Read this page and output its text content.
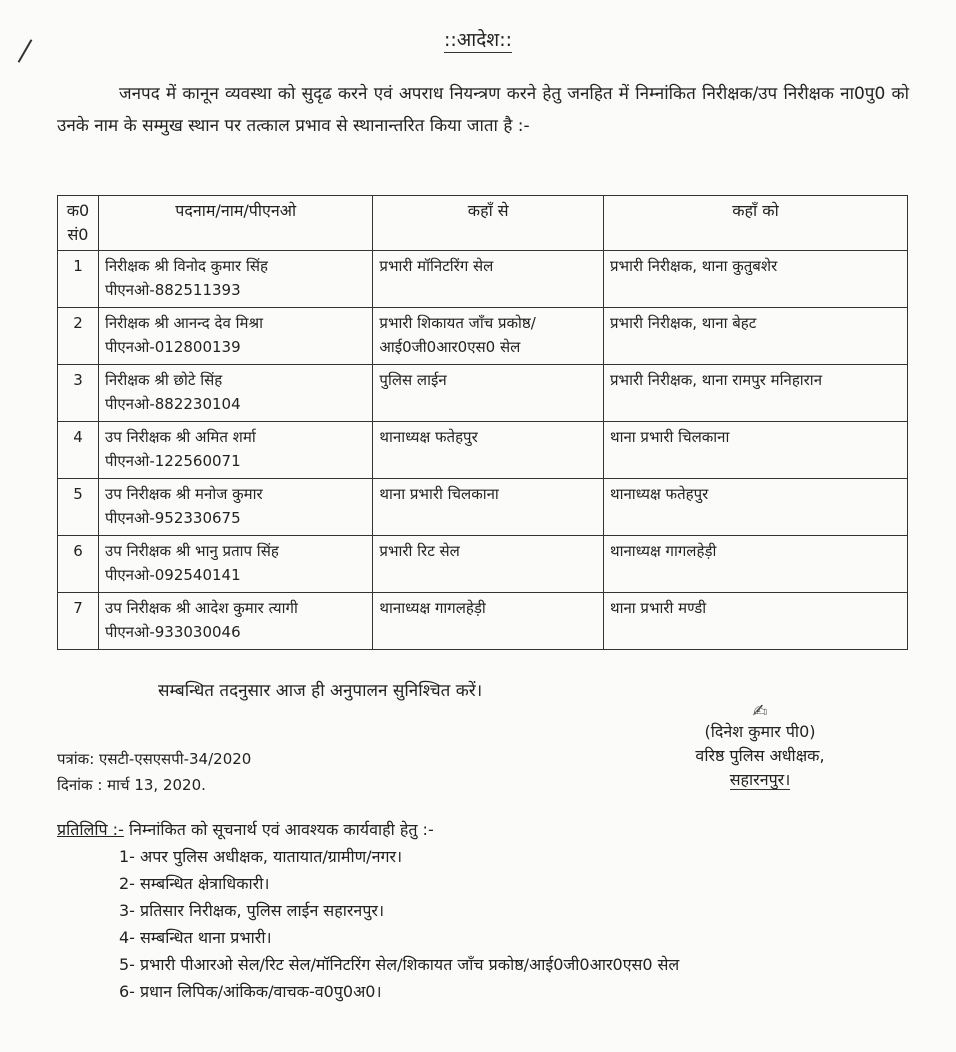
::आदेश::
जनपद में कानून व्यवस्था को सुदृढ करने एवं अपराध नियन्त्रण करने हेतु जनहित में निम्नांकित निरीक्षक/उप निरीक्षक ना0पु0 को उनके नाम के सम्मुख स्थान पर तत्काल प्रभाव से स्थानान्तरित किया जाता है :-
क0 सं0	पदनाम/नाम/पीएनओ	कहाँ से	कहाँ को
1	निरीक्षक श्री विनोद कुमार सिंह
पीएनओ-882511393	प्रभारी मॉनिटरिंग सेल	प्रभारी निरीक्षक, थाना कुतुबशेर
2	निरीक्षक श्री आनन्द देव मिश्रा
पीएनओ-012800139	प्रभारी शिकायत जाँच प्रकोष्ठ/ आई0जी0आर0एस0 सेल	प्रभारी निरीक्षक, थाना बेहट
3	निरीक्षक श्री छोटे सिंह
पीएनओ-882230104	पुलिस लाईन	प्रभारी निरीक्षक, थाना रामपुर मनिहारान
4	उप निरीक्षक श्री अमित शर्मा
पीएनओ-122560071	थानाध्यक्ष फतेहपुर	थाना प्रभारी चिलकाना
5	उप निरीक्षक श्री मनोज कुमार
पीएनओ-952330675	थाना प्रभारी चिलकाना	थानाध्यक्ष फतेहपुर
6	उप निरीक्षक श्री भानु प्रताप सिंह
पीएनओ-092540141	प्रभारी रिट सेल	थानाध्यक्ष गागलहेड़ी
7	उप निरीक्षक श्री आदेश कुमार त्यागी
पीएनओ-933030046	थानाध्यक्ष गागलहेड़ी	थाना प्रभारी मण्डी
सम्बन्धित तदनुसार आज ही अनुपालन सुनिश्चित करें।
पत्रांक: एसटी-एसएसपी-34/2020
दिनांक : मार्च 13, 2020.
✍
(दिनेश कुमार पी0)
वरिष्ठ पुलिस अधीक्षक,
सहारनपुर।
प्रतिलिपि :- निम्नांकित को सूचनार्थ एवं आवश्यक कार्यवाही हेतु :-
1- अपर पुलिस अधीक्षक, यातायात/ग्रामीण/नगर।
2- सम्बन्धित क्षेत्राधिकारी।
3- प्रतिसार निरीक्षक, पुलिस लाईन सहारनपुर।
4- सम्बन्धित थाना प्रभारी।
5- प्रभारी पीआरओ सेल/रिट सेल/मॉनिटरिंग सेल/शिकायत जाँच प्रकोष्ठ/आई0जी0आर0एस0 सेल
6- प्रधान लिपिक/आंकिक/वाचक-व0पु0अ0।
